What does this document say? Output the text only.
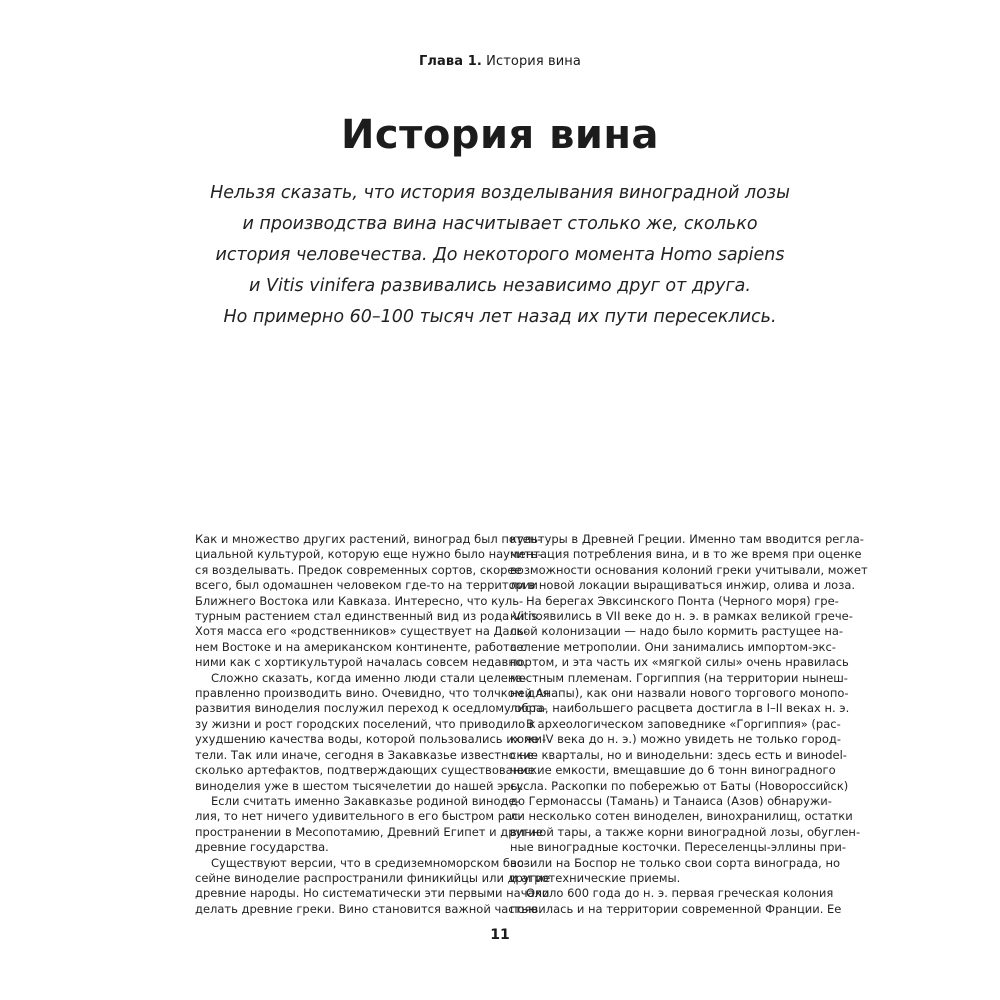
Глава 1. История вина
История вина
Нельзя сказать, что история возделывания виноградной лозы
и производства вина насчитывает столько же, сколько
история человечества. До некоторого момента Homo sapiens
и Vitis vinifera развивались независимо друг от друга.
Но примерно 60–100 тысяч лет назад их пути пересеклись.
Как и множество других растений, виноград был потен-
циальной культурой, которую еще нужно было научить-
ся возделывать. Предок современных сортов, скорее
всего, был одомашнен человеком где-то на территории
Ближнего Востока или Кавказа. Интересно, что куль-
турным растением стал единственный вид из рода Vitis.
Хотя масса его «родственников» существует на Даль-
нем Востоке и на американском континенте, работа с
ними как с хортикультурой началась совсем недавно.
Сложно сказать, когда именно люди стали целена-
правленно производить вино. Очевидно, что толчком для
развития виноделия послужил переход к оседлому обра-
зу жизни и рост городских поселений, что приводило к
ухудшению качества воды, которой пользовались их жи-
тели. Так или иначе, сегодня в Закавказье известно не-
сколько артефактов, подтверждающих существование
виноделия уже в шестом тысячелетии до нашей эры.
Если считать именно Закавказье родиной виноде-
лия, то нет ничего удивительного в его быстром рас-
пространении в Месопотамию, Древний Египет и другие
древние государства.
Существуют версии, что в средиземноморском бас-
сейне виноделие распространили финикийцы или другие
древние народы. Но систематически эти первыми начали
делать древние греки. Вино становится важной частью
культуры в Древней Греции. Именно там вводится регла-
ментация потребления вина, и в то же время при оценке
возможности основания колоний греки учитывали, может
ли в новой локации выращиваться инжир, олива и лоза.
На берегах Эвксинского Понта (Черного моря) гре-
ки появились в VII веке до н. э. в рамках великой грече-
ской колонизации — надо было кормить растущее на-
селение метрополии. Они занимались импортом-экс-
портом, и эта часть их «мягкой силы» очень нравилась
местным племенам. Горгиппия (на территории нынеш-
ней Анапы), как они назвали нового торгового монопо-
листа, наибольшего расцвета достигла в I–II веках н. э.
В археологическом заповеднике «Горгиппия» (рас-
копе IV века до н. э.) можно увидеть не только город-
ские кварталы, но и винодельни: здесь есть и виноdel-
ческие емкости, вмещавшие до 6 тонн виноградного
сусла. Раскопки по побережью от Баты (Новороссийск)
до Гермонассы (Тамань) и Танаиса (Азов) обнаружи-
ли несколько сотен виноделен, винохранилищ, остатки
винной тары, а также корни виноградной лозы, обуглен-
ные виноградные косточки. Переселенцы-эллины при-
возили на Боспор не только свои сорта винограда, но
и агротехнические приемы.
Около 600 года до н. э. первая греческая колония
появилась и на территории современной Франции. Ее
11
